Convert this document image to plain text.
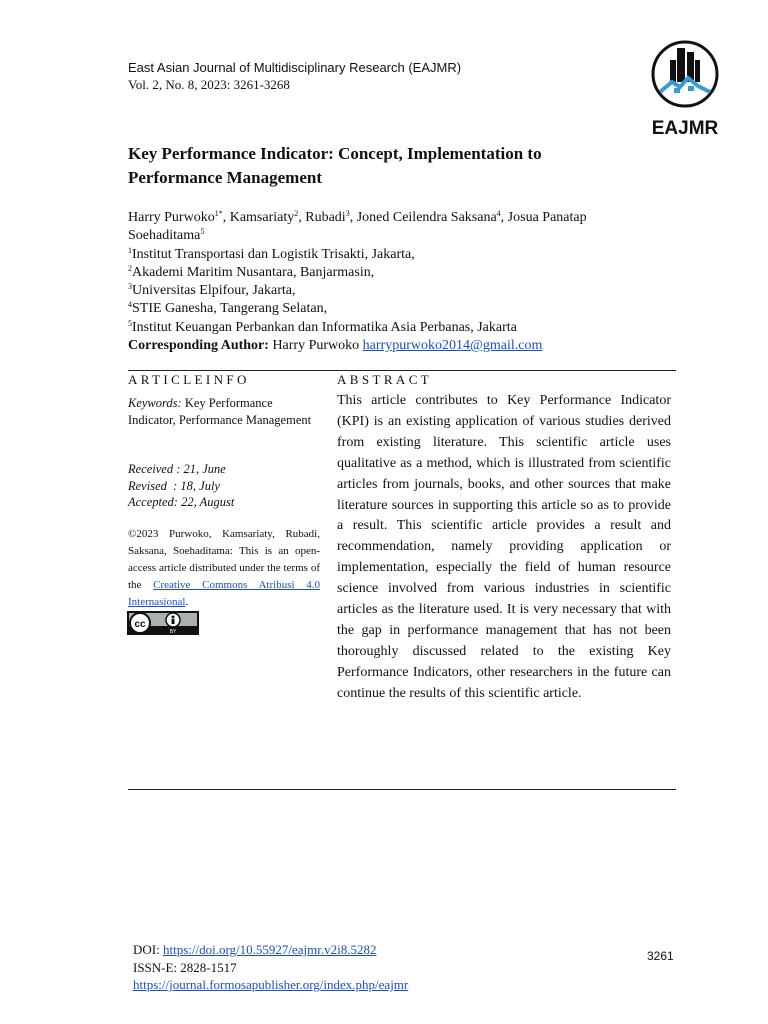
East Asian Journal of Multidisciplinary Research (EAJMR)
Vol. 2, No. 8, 2023: 3261-3268
EAJMR
Key Performance Indicator: Concept, Implementation to Performance Management

Harry Purwoko$^{1*}$, Kamsariaty$^2$, Rubadi$^3$, Joned Ceilendra Saksana$^4$, Josua Panatap Soehaditama$^5$

$^1$Institut Transportasi dan Logistik Trisakti, Jakarta,
$^2$Akademi Maritim Nusantara, Banjarmasin,
$^3$Universitas Elpifour, Jakarta,
$^4$STIE Ganesha, Tangerang Selatan,
$^5$Institut Keuangan Perbankan dan Informatika Asia Perbanas, Jakarta

Corresponding Author: Harry Purwoko harrypurwoko2014@gmail.com

ARTICLEINFO	ABSTRACT
Keywords: Key Performance Indicator, Performance Management
Received : 21, June
Revised  : 18, July
Accepted: 22, August
©2023 Purwoko, Kamsariaty, Rubadi, Saksana, Soehaditama: This is an open-access article distributed under the terms of the Creative Commons Atribusi 4.0 Internasional.
cc
BY
This article contributes to Key Performance Indicator (KPI) is an existing application of various studies derived from existing literature. This scientific article uses qualitative as a method, which is illustrated from scientific articles from journals, books, and other sources that make literature sources in supporting this article so as to provide a result. This scientific article provides a result and recommendation, namely providing application or implementation, especially the field of human resource science involved from various industries in scientific articles as the literature used. It is very necessary that with the gap in performance management that has not been thoroughly discussed related to the existing Key Performance Indicators, other researchers in the future can continue the results of this scientific article.
DOI: https://doi.org/10.55927/eajmr.v2i8.5282
ISSN-E: 2828-1517
https://journal.formosapublisher.org/index.php/eajmr
3261
